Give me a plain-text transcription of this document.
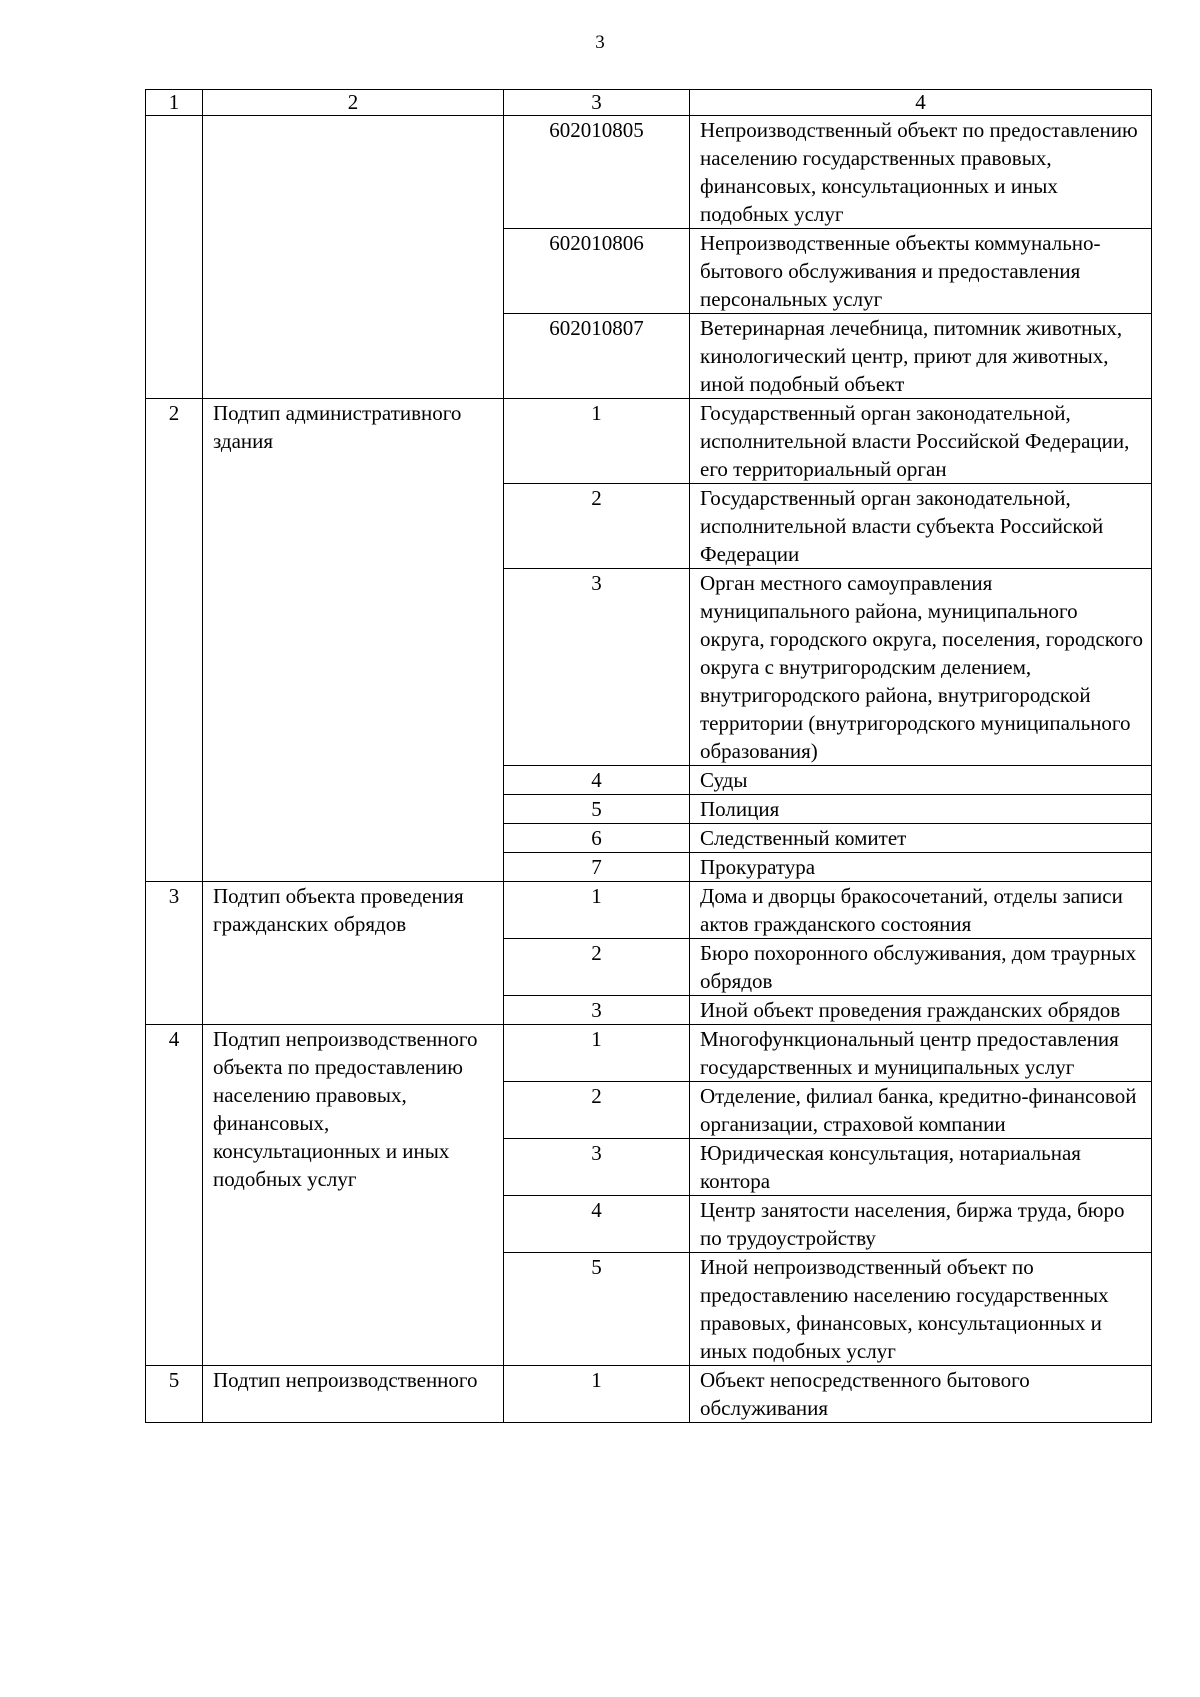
3
1	2	3	4
		602010805	Непроизводственный объект по предоставлению населению государственных правовых, финансовых, консультационных и иных подобных услуг
		602010806	Непроизводственные объекты коммунально-бытового обслуживания и предоставления персональных услуг
		602010807	Ветеринарная лечебница, питомник животных, кинологический центр, приют для животных, иной подобный объект
2	Подтип административного здания	1	Государственный орган законодательной, исполнительной власти Российской Федерации, его территориальный орган
		2	Государственный орган законодательной, исполнительной власти субъекта Российской Федерации
		3	Орган местного самоуправления муниципального района, муниципального округа, городского округа, поселения, городского округа с внутригородским делением, внутригородского района, внутригородской территории (внутригородского муниципального образования)
		4	Суды
		5	Полиция
		6	Следственный комитет
		7	Прокуратура
3	Подтип объекта проведения гражданских обрядов	1	Дома и дворцы бракосочетаний, отделы записи актов гражданского состояния
		2	Бюро похоронного обслуживания, дом траурных обрядов
		3	Иной объект проведения гражданских обрядов
4	Подтип непроизводственного объекта по предоставлению населению правовых, финансовых, консультационных и иных подобных услуг	1	Многофункциональный центр предоставления государственных и муниципальных услуг
		2	Отделение, филиал банка, кредитно-финансовой организации, страховой компании
		3	Юридическая консультация, нотариальная контора
		4	Центр занятости населения, биржа труда, бюро по трудоустройству
		5	Иной непроизводственный объект по предоставлению населению государственных правовых, финансовых, консультационных и иных подобных услуг
5	Подтип непроизводственного	1	Объект непосредственного бытового обслуживания
